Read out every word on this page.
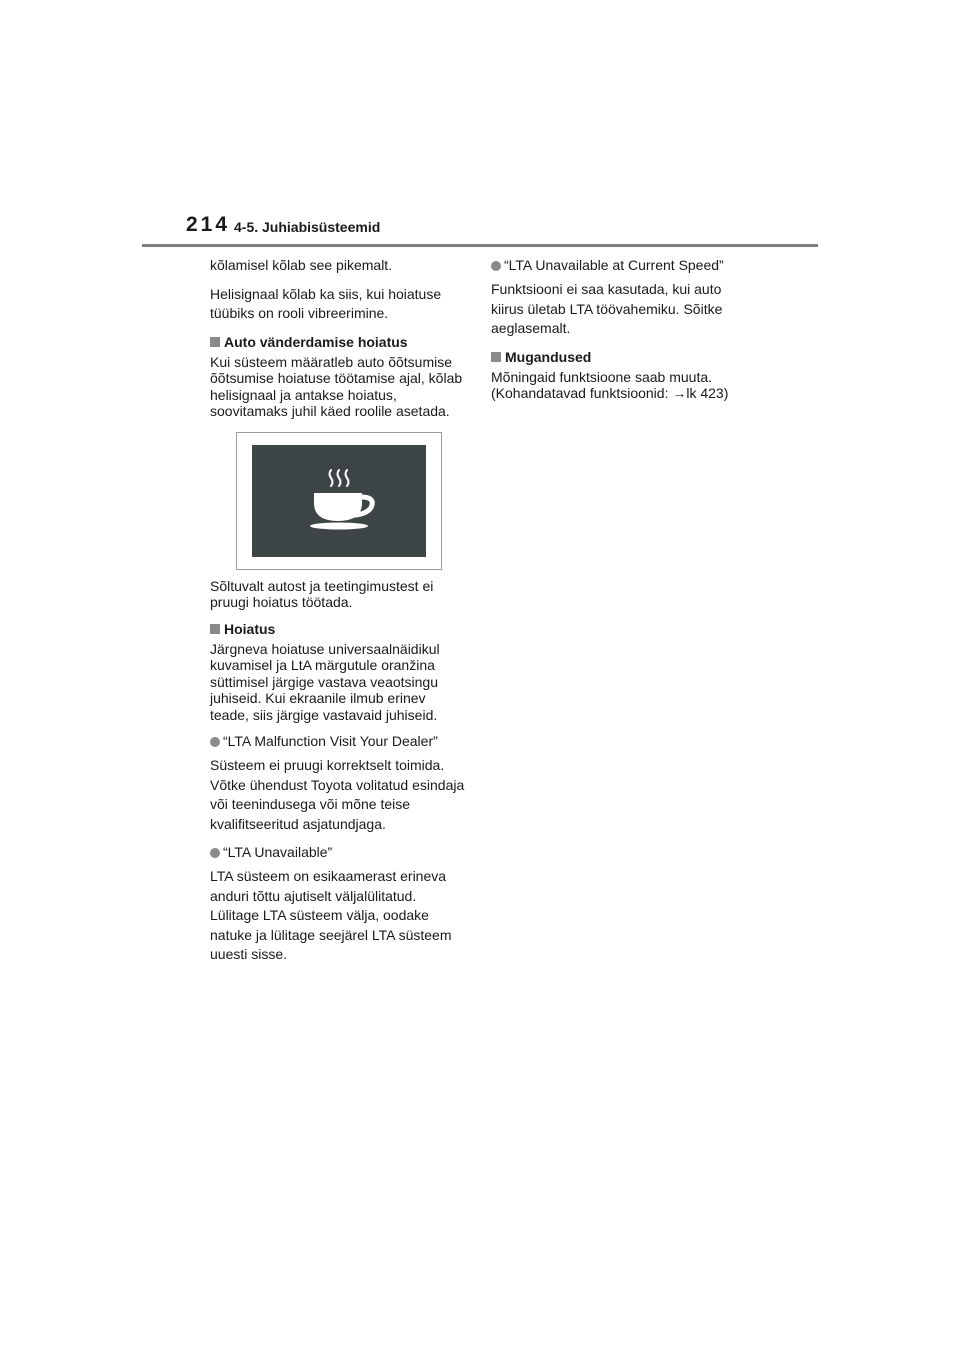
214 4-5. Juhiabisüsteemid

kõlamisel kõlab see pikemalt.

Helisignaal kõlab ka siis, kui hoiatuse tüübiks on rooli vibreerimine.

Auto vänderdamise hoiatus

Kui süsteem määratleb auto õõtsumise õõtsumise hoiatuse töötamise ajal, kõlab helisignaal ja antakse hoiatus, soovitamaks juhil käed roolile asetada.

Sõltuvalt autost ja teetingimustest ei pruugi hoiatus töötada.

Hoiatus

Järgneva hoiatuse universaalnäidikul kuvamisel ja LtA märgutule oranžina süttimisel järgige vastava veaotsingu juhiseid. Kui ekraanile ilmub erinev teade, siis järgige vastavaid juhiseid.

“LTA Malfunction Visit Your Dealer”

Süsteem ei pruugi korrektselt toimida. Võtke ühendust Toyota volitatud esindaja või teenindusega või mõne teise kvalifitseeritud asjatundjaga.

“LTA Unavailable”

LTA süsteem on esikaamerast erineva anduri tõttu ajutiselt väljalülitatud. Lülitage LTA süsteem välja, oodake natuke ja lülitage seejärel LTA süsteem uuesti sisse.

“LTA Unavailable at Current Speed”

Funktsiooni ei saa kasutada, kui auto kiirus ületab LTA töövahemiku. Sõitke aeglasemalt.

Mugandused

Mõningaid funktsioone saab muuta. (Kohandatavad funktsioonid: →lk 423)
